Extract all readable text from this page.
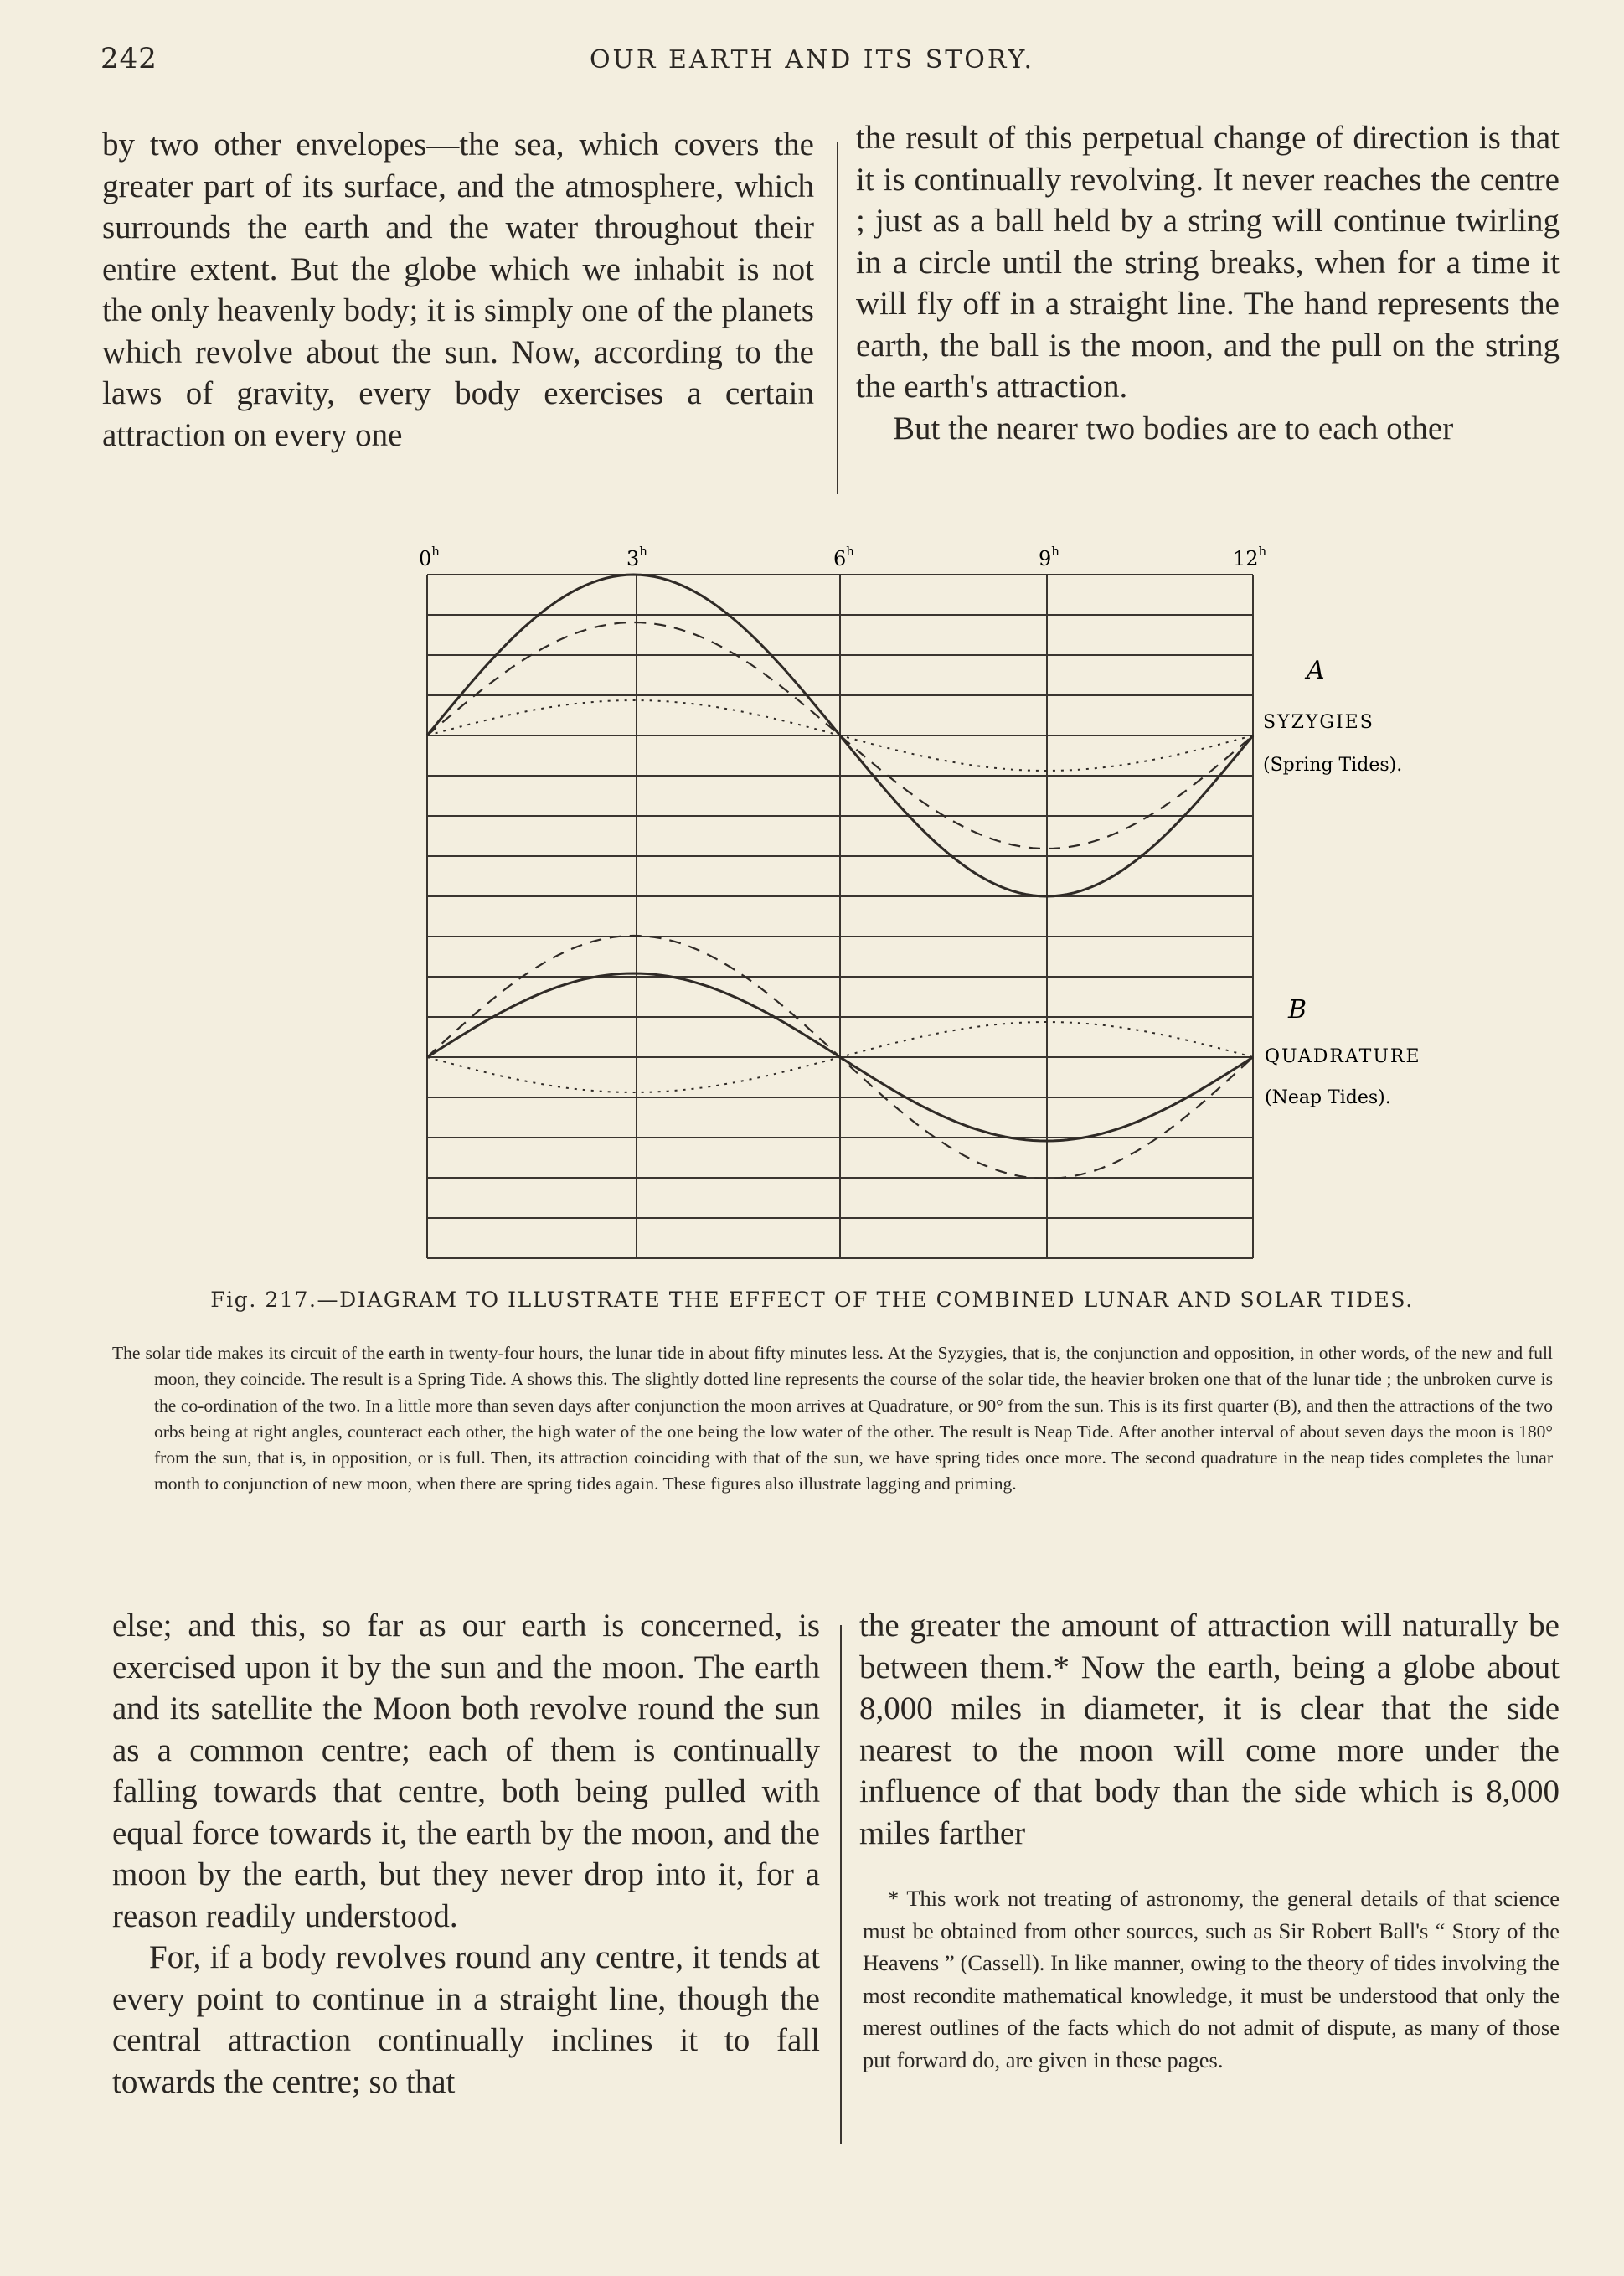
242	OUR EARTH AND ITS STORY.

by two other envelopes—the sea, which covers the greater part of its surface, and the atmosphere, which surrounds the earth and the water throughout their entire extent. But the globe which we inhabit is not the only heavenly body; it is simply one of the planets which revolve about the sun. Now, according to the laws of gravity, every body exercises a certain attraction on every one

the result of this perpetual change of direction is that it is continually revolving. It never reaches the centre ; just as a ball held by a string will continue twirling in a circle until the string breaks, when for a time it will fly off in a straight line. The hand represents the earth, the ball is the moon, and the pull on the string the earth's attraction.

But the nearer two bodies are to each other

0$^h$	3$^h$	6$^h$	9$^h$	12$^h$
A
SYZYGIES
(Spring Tides).
B
QUADRATURE
(Neap Tides).
Fig. 217.—DIAGRAM TO ILLUSTRATE THE EFFECT OF THE COMBINED LUNAR AND SOLAR TIDES.

The solar tide makes its circuit of the earth in twenty-four hours, the lunar tide in about fifty minutes less. At the Syzygies, that is, the conjunction and opposition, in other words, of the new and full moon, they coincide. The result is a Spring Tide. A shows this. The slightly dotted line represents the course of the solar tide, the heavier broken one that of the lunar tide ; the unbroken curve is the co-ordination of the two. In a little more than seven days after conjunction the moon arrives at Quadrature, or 90° from the sun. This is its first quarter (B), and then the attractions of the two orbs being at right angles, counteract each other, the high water of the one being the low water of the other. The result is Neap Tide. After another interval of about seven days the moon is 180° from the sun, that is, in opposition, or is full. Then, its attraction coinciding with that of the sun, we have spring tides once more. The second quadrature in the neap tides completes the lunar month to conjunction of new moon, when there are spring tides again. These figures also illustrate lagging and priming.

else; and this, so far as our earth is concerned, is exercised upon it by the sun and the moon. The earth and its satellite the Moon both revolve round the sun as a common centre; each of them is continually falling towards that centre, both being pulled with equal force towards it, the earth by the moon, and the moon by the earth, but they never drop into it, for a reason readily understood.

For, if a body revolves round any centre, it tends at every point to continue in a straight line, though the central attraction continually inclines it to fall towards the centre; so that

the greater the amount of attraction will naturally be between them.* Now the earth, being a globe about 8,000 miles in diameter, it is clear that the side nearest to the moon will come more under the influence of that body than the side which is 8,000 miles farther

* This work not treating of astronomy, the general details of that science must be obtained from other sources, such as Sir Robert Ball's “ Story of the Heavens ” (Cassell). In like manner, owing to the theory of tides involving the most recondite mathematical knowledge, it must be understood that only the merest outlines of the facts which do not admit of dispute, as many of those put forward do, are given in these pages.
